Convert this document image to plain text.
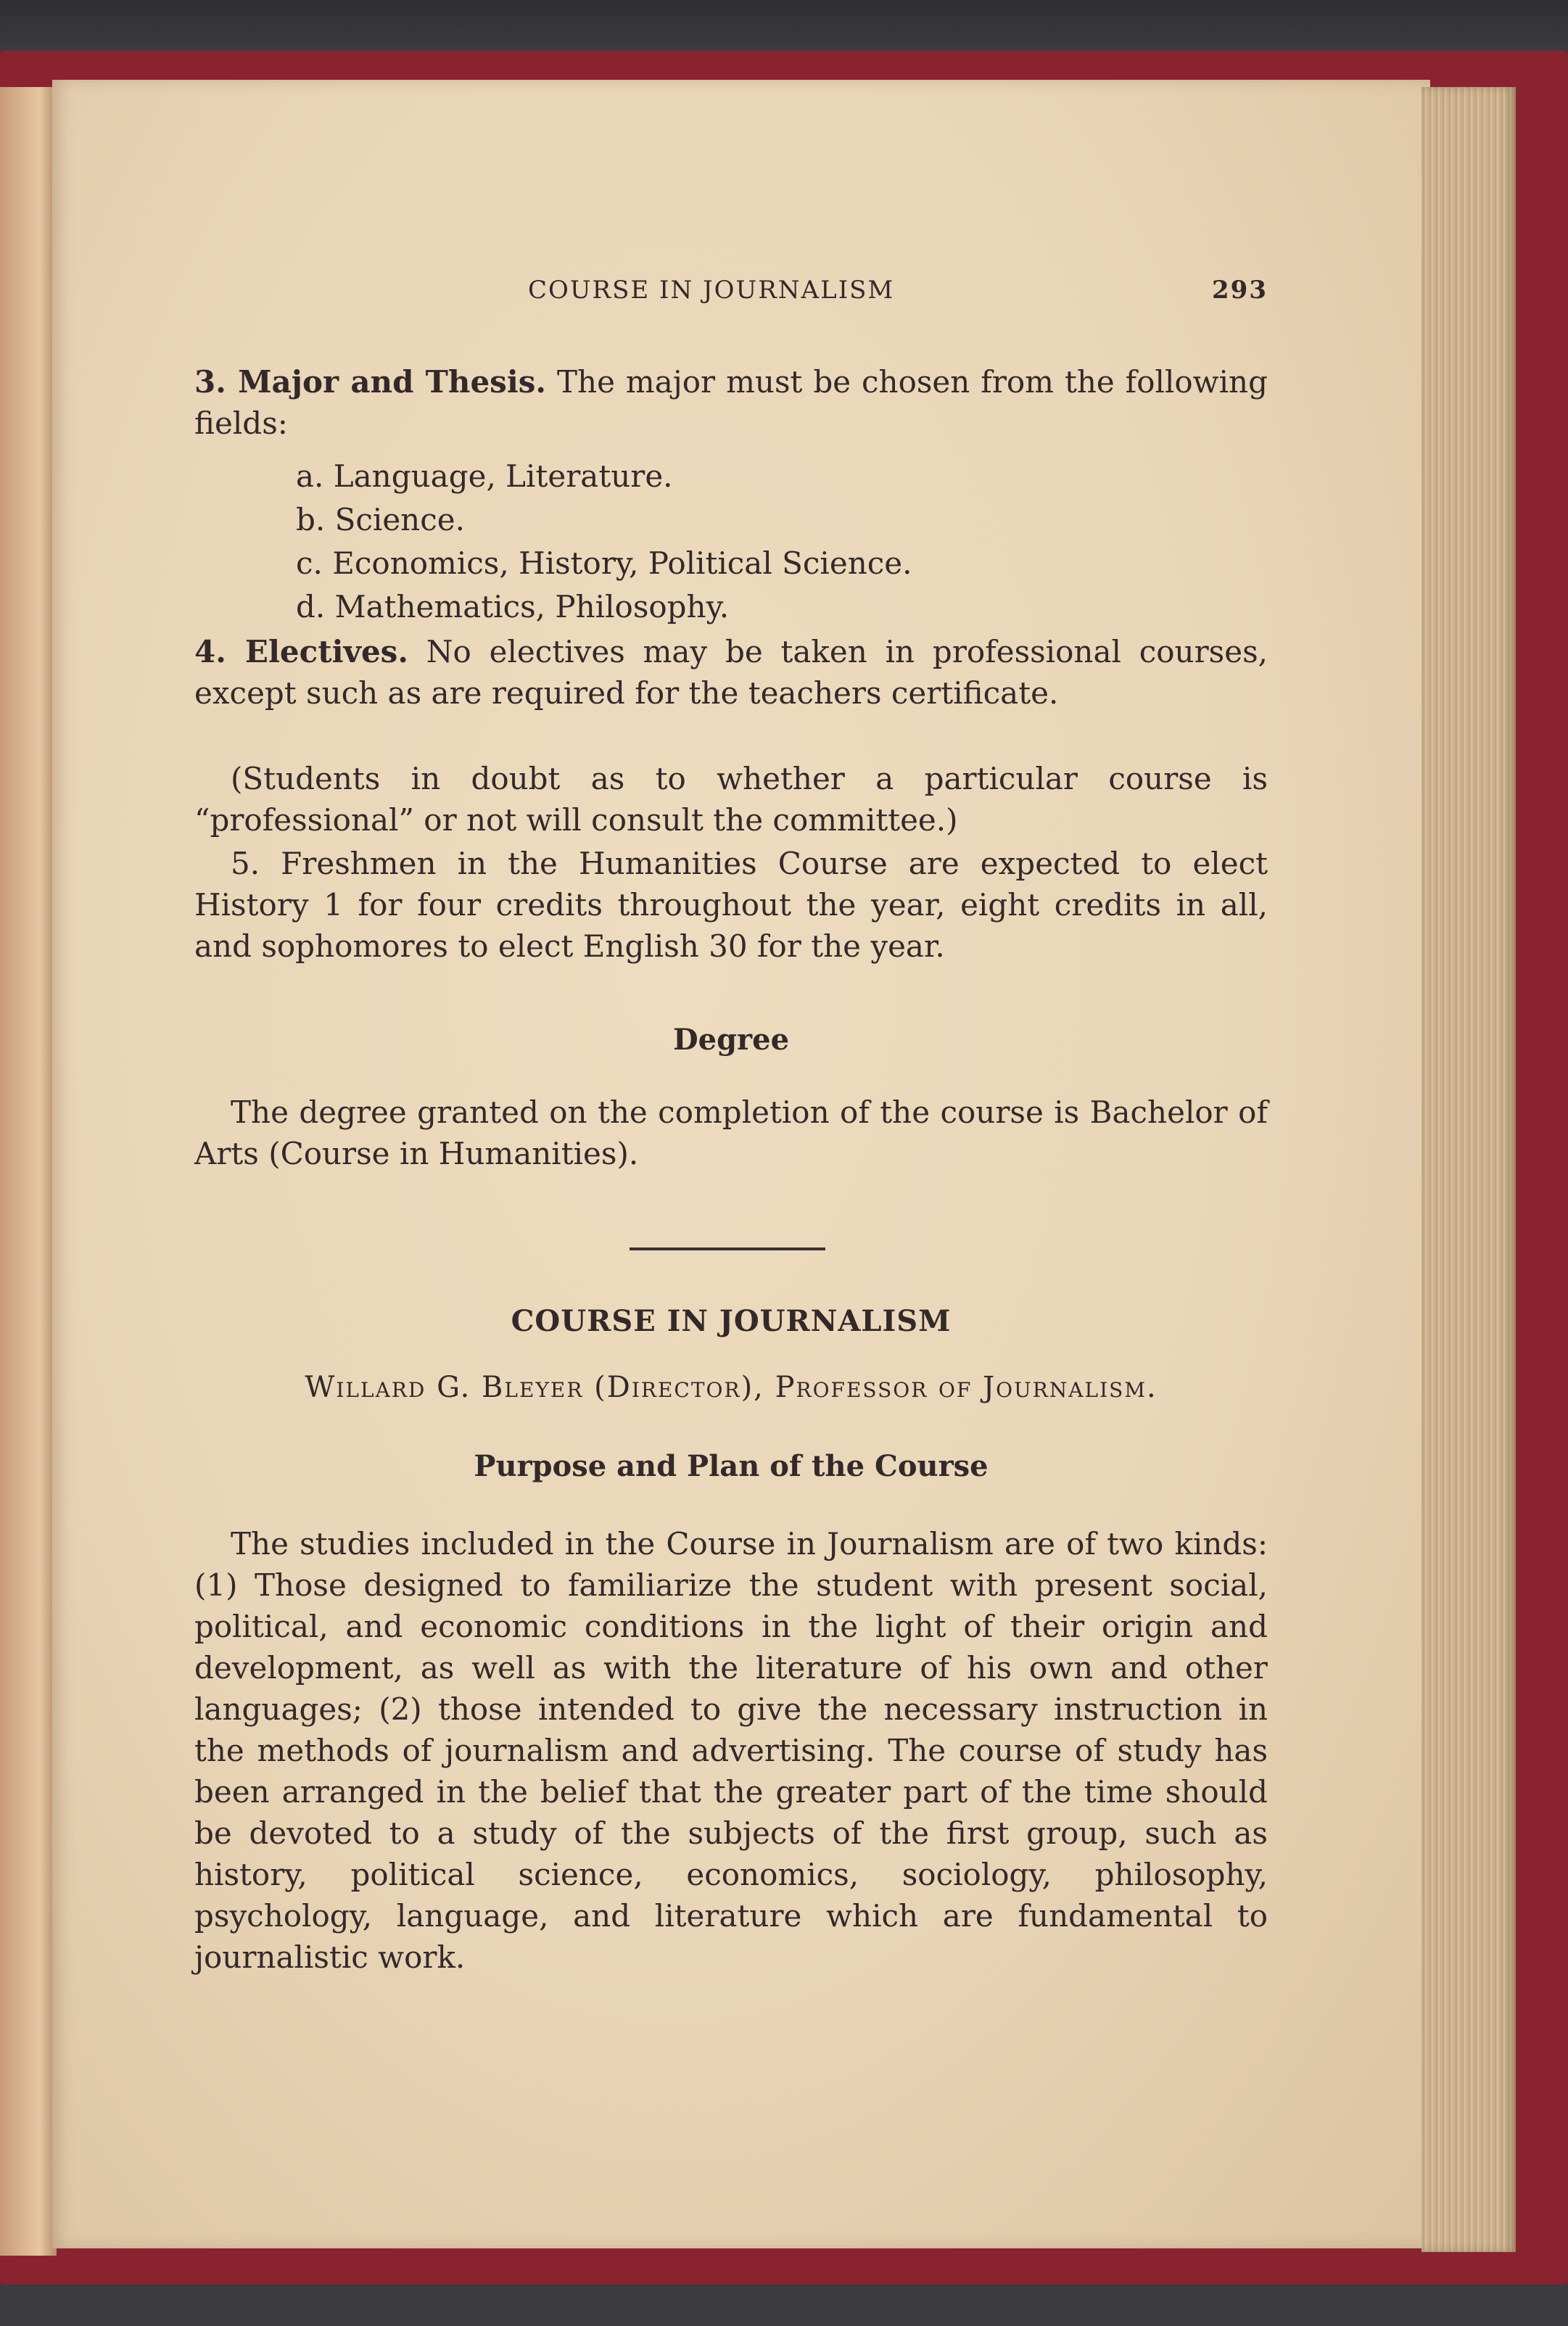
COURSE IN JOURNALISM	293
3. Major and Thesis. The major must be chosen from the following fields:
a. Language, Literature.
b. Science.
c. Economics, History, Political Science.
d. Mathematics, Philosophy.
4. Electives. No electives may be taken in professional courses, except such as are required for the teachers certificate.
(Students in doubt as to whether a particular course is “professional” or not will consult the committee.)
5. Freshmen in the Humanities Course are expected to elect History 1 for four credits throughout the year, eight credits in all, and sophomores to elect English 30 for the year.
Degree
The degree granted on the completion of the course is Bachelor of Arts (Course in Humanities).
COURSE IN JOURNALISM
Willard G. Bleyer (Director), Professor of Journalism.
Purpose and Plan of the Course
The studies included in the Course in Journalism are of two kinds: (1) Those designed to familiarize the student with present social, political, and economic conditions in the light of their origin and development, as well as with the literature of his own and other languages; (2) those intended to give the necessary instruction in the methods of journalism and advertising. The course of study has been arranged in the belief that the greater part of the time should be devoted to a study of the subjects of the first group, such as history, political science, economics, sociology, philosophy, psychology, language, and literature which are fundamental to journalistic work.
